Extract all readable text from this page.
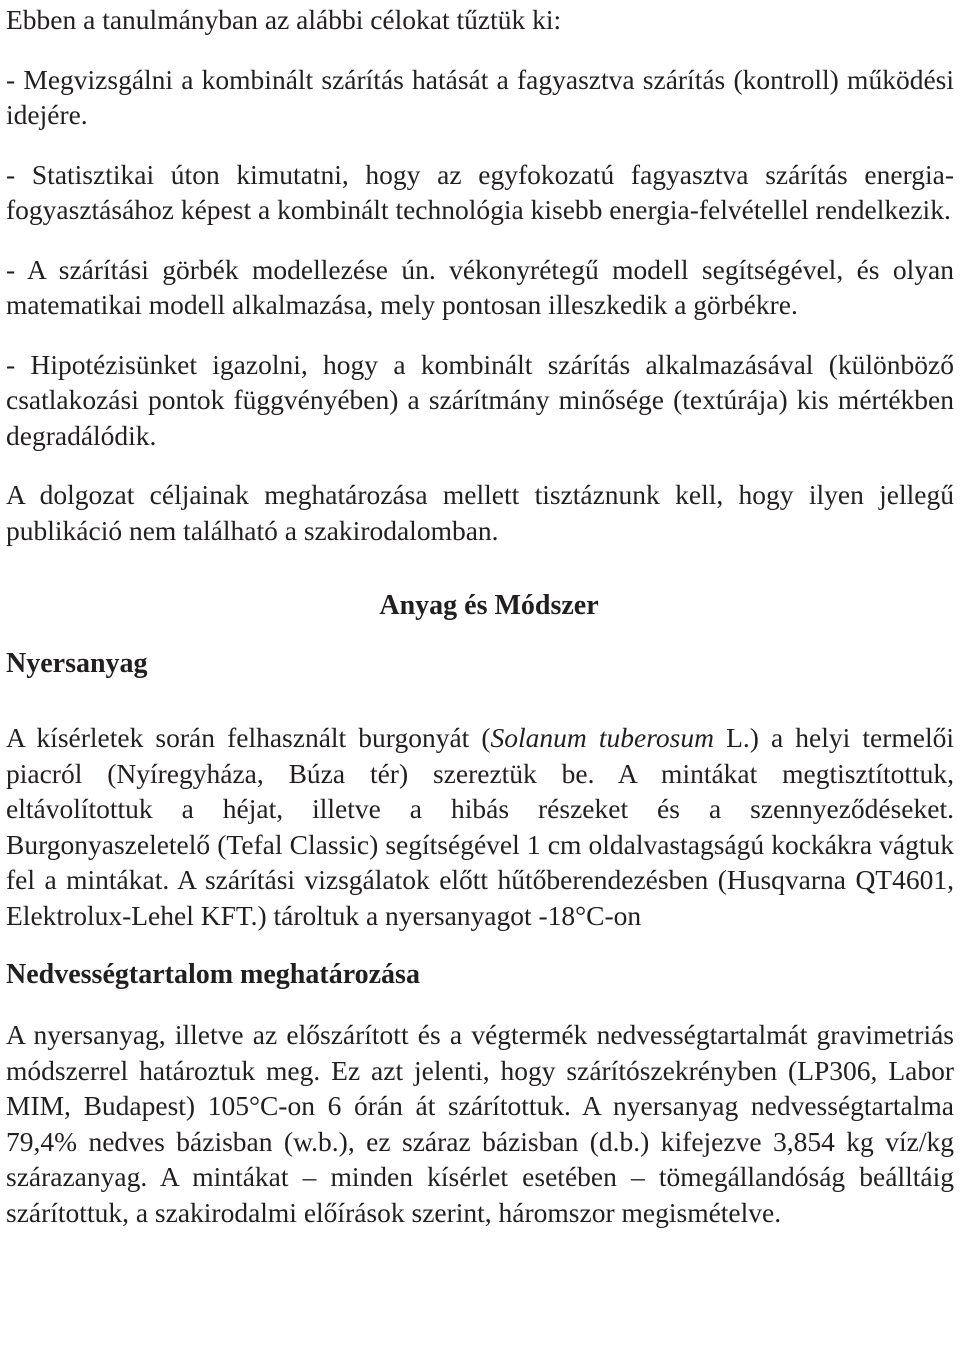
Ebben a tanulmányban az alábbi célokat tűztük ki:

- Megvizsgálni a kombinált szárítás hatását a fagyasztva szárítás (kontroll) működési idejére.

- Statisztikai úton kimutatni, hogy az egyfokozatú fagyasztva szárítás energia-fogyasztásához képest a kombinált technológia kisebb energia-felvétellel rendelkezik.

- A szárítási görbék modellezése ún. vékonyrétegű modell segítségével, és olyan matematikai modell alkalmazása, mely pontosan illeszkedik a görbékre.

- Hipotézisünket igazolni, hogy a kombinált szárítás alkalmazásával (különböző csatlakozási pontok függvényében) a szárítmány minősége (textúrája) kis mértékben degradálódik.

A dolgozat céljainak meghatározása mellett tisztáznunk kell, hogy ilyen jellegű publikáció nem található a szakirodalomban.

Anyag és Módszer
Nyersanyag

A kísérletek során felhasznált burgonyát (Solanum tuberosum L.) a helyi termelői piacról (Nyíregyháza, Búza tér) szereztük be. A mintákat megtisztítottuk, eltávolítottuk a héjat, illetve a hibás részeket és a szennyeződéseket. Burgonyaszeletelő (Tefal Classic) segítségével 1 cm oldalvastagságú kockákra vágtuk fel a mintákat. A szárítási vizsgálatok előtt hűtőberendezésben (Husqvarna QT4601, Elektrolux-Lehel KFT.) tároltuk a nyersanyagot -18°C-on

Nedvességtartalom meghatározása

A nyersanyag, illetve az előszárított és a végtermék nedvességtartalmát gravimetriás módszerrel határoztuk meg. Ez azt jelenti, hogy szárítószekrényben (LP306, Labor MIM, Budapest) 105°C-on 6 órán át szárítottuk. A nyersanyag nedvességtartalma 79,4% nedves bázisban (w.b.), ez száraz bázisban (d.b.) kifejezve 3,854 kg víz/kg szárazanyag. A mintákat – minden kísérlet esetében – tömegállandóság beálltáig szárítottuk, a szakirodalmi előírások szerint, háromszor megismételve.
